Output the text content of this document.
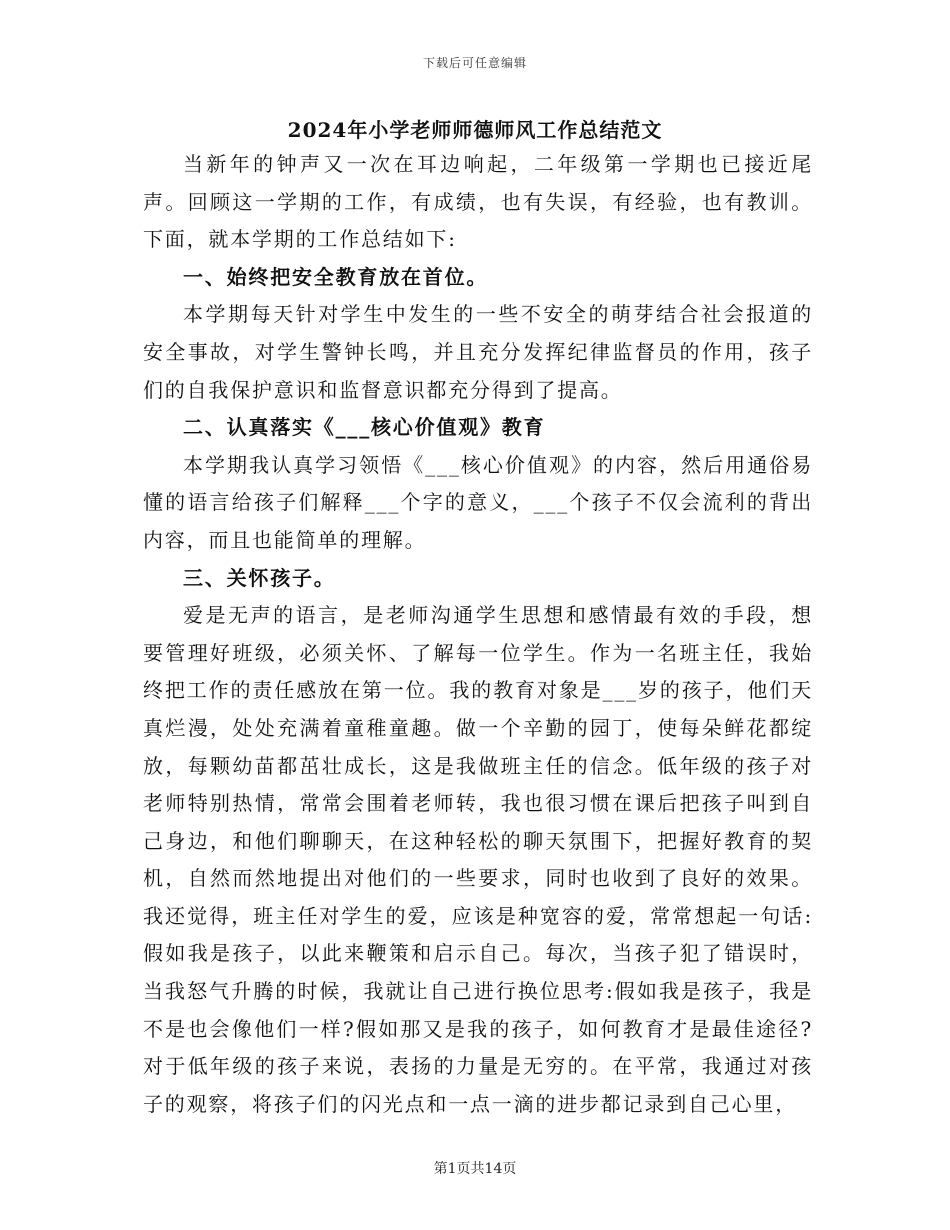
下载后可任意编辑
2024年小学老师师德师风工作总结范文

当新年的钟声又一次在耳边响起，二年级第一学期也已接近尾声。回顾这一学期的工作，有成绩，也有失误，有经验，也有教训。下面，就本学期的工作总结如下:

一、始终把安全教育放在首位。

本学期每天针对学生中发生的一些不安全的萌芽结合社会报道的安全事故，对学生警钟长鸣，并且充分发挥纪律监督员的作用，孩子们的自我保护意识和监督意识都充分得到了提高。

二、认真落实《___核心价值观》教育

本学期我认真学习领悟《___核心价值观》的内容，然后用通俗易懂的语言给孩子们解释___个字的意义，___个孩子不仅会流利的背出内容，而且也能简单的理解。

三、关怀孩子。

爱是无声的语言，是老师沟通学生思想和感情最有效的手段，想要管理好班级，必须关怀、了解每一位学生。作为一名班主任，我始终把工作的责任感放在第一位。我的教育对象是___岁的孩子，他们天真烂漫，处处充满着童稚童趣。做一个辛勤的园丁，使每朵鲜花都绽放，每颗幼苗都茁壮成长，这是我做班主任的信念。低年级的孩子对老师特别热情，常常会围着老师转，我也很习惯在课后把孩子叫到自己身边，和他们聊聊天，在这种轻松的聊天氛围下，把握好教育的契机，自然而然地提出对他们的一些要求，同时也收到了良好的效果。我还觉得，班主任对学生的爱，应该是种宽容的爱，常常想起一句话:假如我是孩子，以此来鞭策和启示自己。每次，当孩子犯了错误时，当我怒气升腾的时候，我就让自己进行换位思考:假如我是孩子，我是不是也会像他们一样?假如那又是我的孩子，如何教育才是最佳途径?对于低年级的孩子来说，表扬的力量是无穷的。在平常，我通过对孩子的观察，将孩子们的闪光点和一点一滴的进步都记录到自己心里，

第1页共14页
